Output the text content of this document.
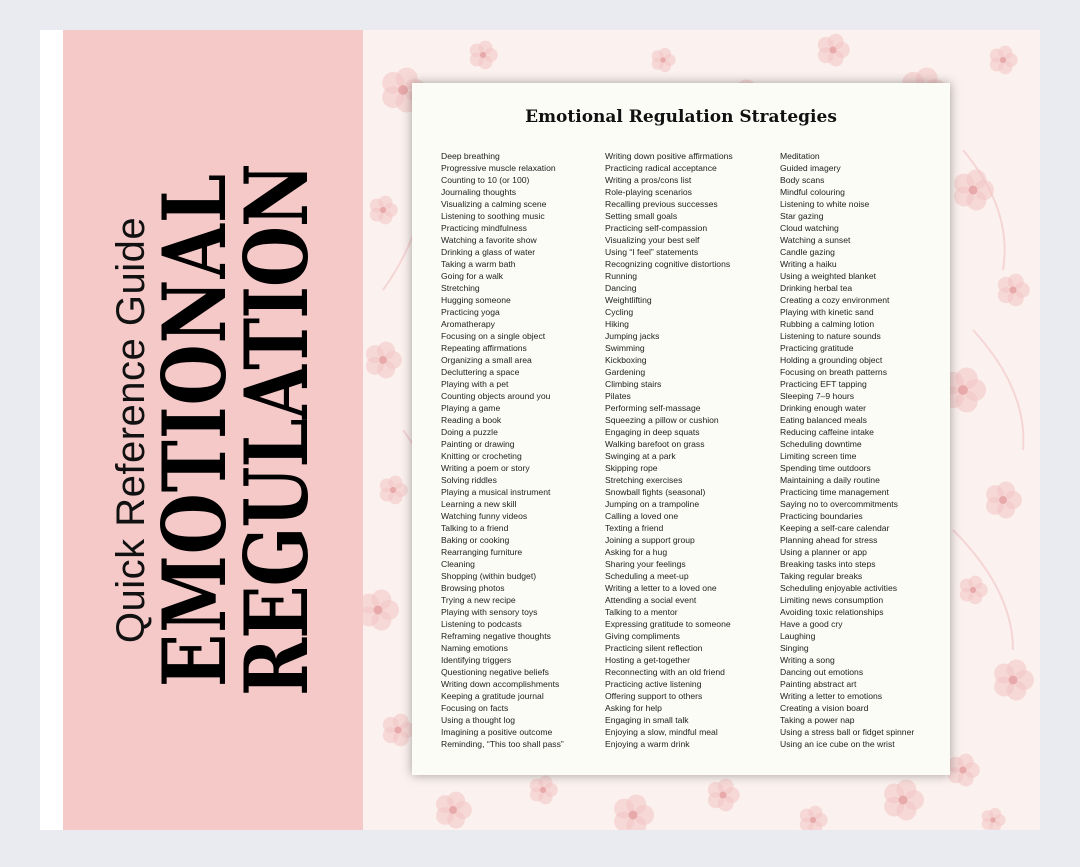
Quick Reference Guide
EMOTIONAL
REGULATION
Emotional Regulation Strategies
Deep breathing
Progressive muscle relaxation
Counting to 10 (or 100)
Journaling thoughts
Visualizing a calming scene
Listening to soothing music
Practicing mindfulness
Watching a favorite show
Drinking a glass of water
Taking a warm bath
Going for a walk
Stretching
Hugging someone
Practicing yoga
Aromatherapy
Focusing on a single object
Repeating affirmations
Organizing a small area
Decluttering a space
Playing with a pet
Counting objects around you
Playing a game
Reading a book
Doing a puzzle
Painting or drawing
Knitting or crocheting
Writing a poem or story
Solving riddles
Playing a musical instrument
Learning a new skill
Watching funny videos
Talking to a friend
Baking or cooking
Rearranging furniture
Cleaning
Shopping (within budget)
Browsing photos
Trying a new recipe
Playing with sensory toys
Listening to podcasts
Reframing negative thoughts
Naming emotions
Identifying triggers
Questioning negative beliefs
Writing down accomplishments
Keeping a gratitude journal
Focusing on facts
Using a thought log
Imagining a positive outcome
Reminding, “This too shall pass”
Writing down positive affirmations
Practicing radical acceptance
Writing a pros/cons list
Role-playing scenarios
Recalling previous successes
Setting small goals
Practicing self-compassion
Visualizing your best self
Using “I feel” statements
Recognizing cognitive distortions
Running
Dancing
Weightlifting
Cycling
Hiking
Jumping jacks
Swimming
Kickboxing
Gardening
Climbing stairs
Pilates
Performing self-massage
Squeezing a pillow or cushion
Engaging in deep squats
Walking barefoot on grass
Swinging at a park
Skipping rope
Stretching exercises
Snowball fights (seasonal)
Jumping on a trampoline
Calling a loved one
Texting a friend
Joining a support group
Asking for a hug
Sharing your feelings
Scheduling a meet-up
Writing a letter to a loved one
Attending a social event
Talking to a mentor
Expressing gratitude to someone
Giving compliments
Practicing silent reflection
Hosting a get-together
Reconnecting with an old friend
Practicing active listening
Offering support to others
Asking for help
Engaging in small talk
Enjoying a slow, mindful meal
Enjoying a warm drink
Meditation
Guided imagery
Body scans
Mindful colouring
Listening to white noise
Star gazing
Cloud watching
Watching a sunset
Candle gazing
Writing a haiku
Using a weighted blanket
Drinking herbal tea
Creating a cozy environment
Playing with kinetic sand
Rubbing a calming lotion
Listening to nature sounds
Practicing gratitude
Holding a grounding object
Focusing on breath patterns
Practicing EFT tapping
Sleeping 7–9 hours
Drinking enough water
Eating balanced meals
Reducing caffeine intake
Scheduling downtime
Limiting screen time
Spending time outdoors
Maintaining a daily routine
Practicing time management
Saying no to overcommitments
Practicing boundaries
Keeping a self-care calendar
Planning ahead for stress
Using a planner or app
Breaking tasks into steps
Taking regular breaks
Scheduling enjoyable activities
Limiting news consumption
Avoiding toxic relationships
Have a good cry
Laughing
Singing
Writing a song
Dancing out emotions
Painting abstract art
Writing a letter to emotions
Creating a vision board
Taking a power nap
Using a stress ball or fidget spinner
Using an ice cube on the wrist
